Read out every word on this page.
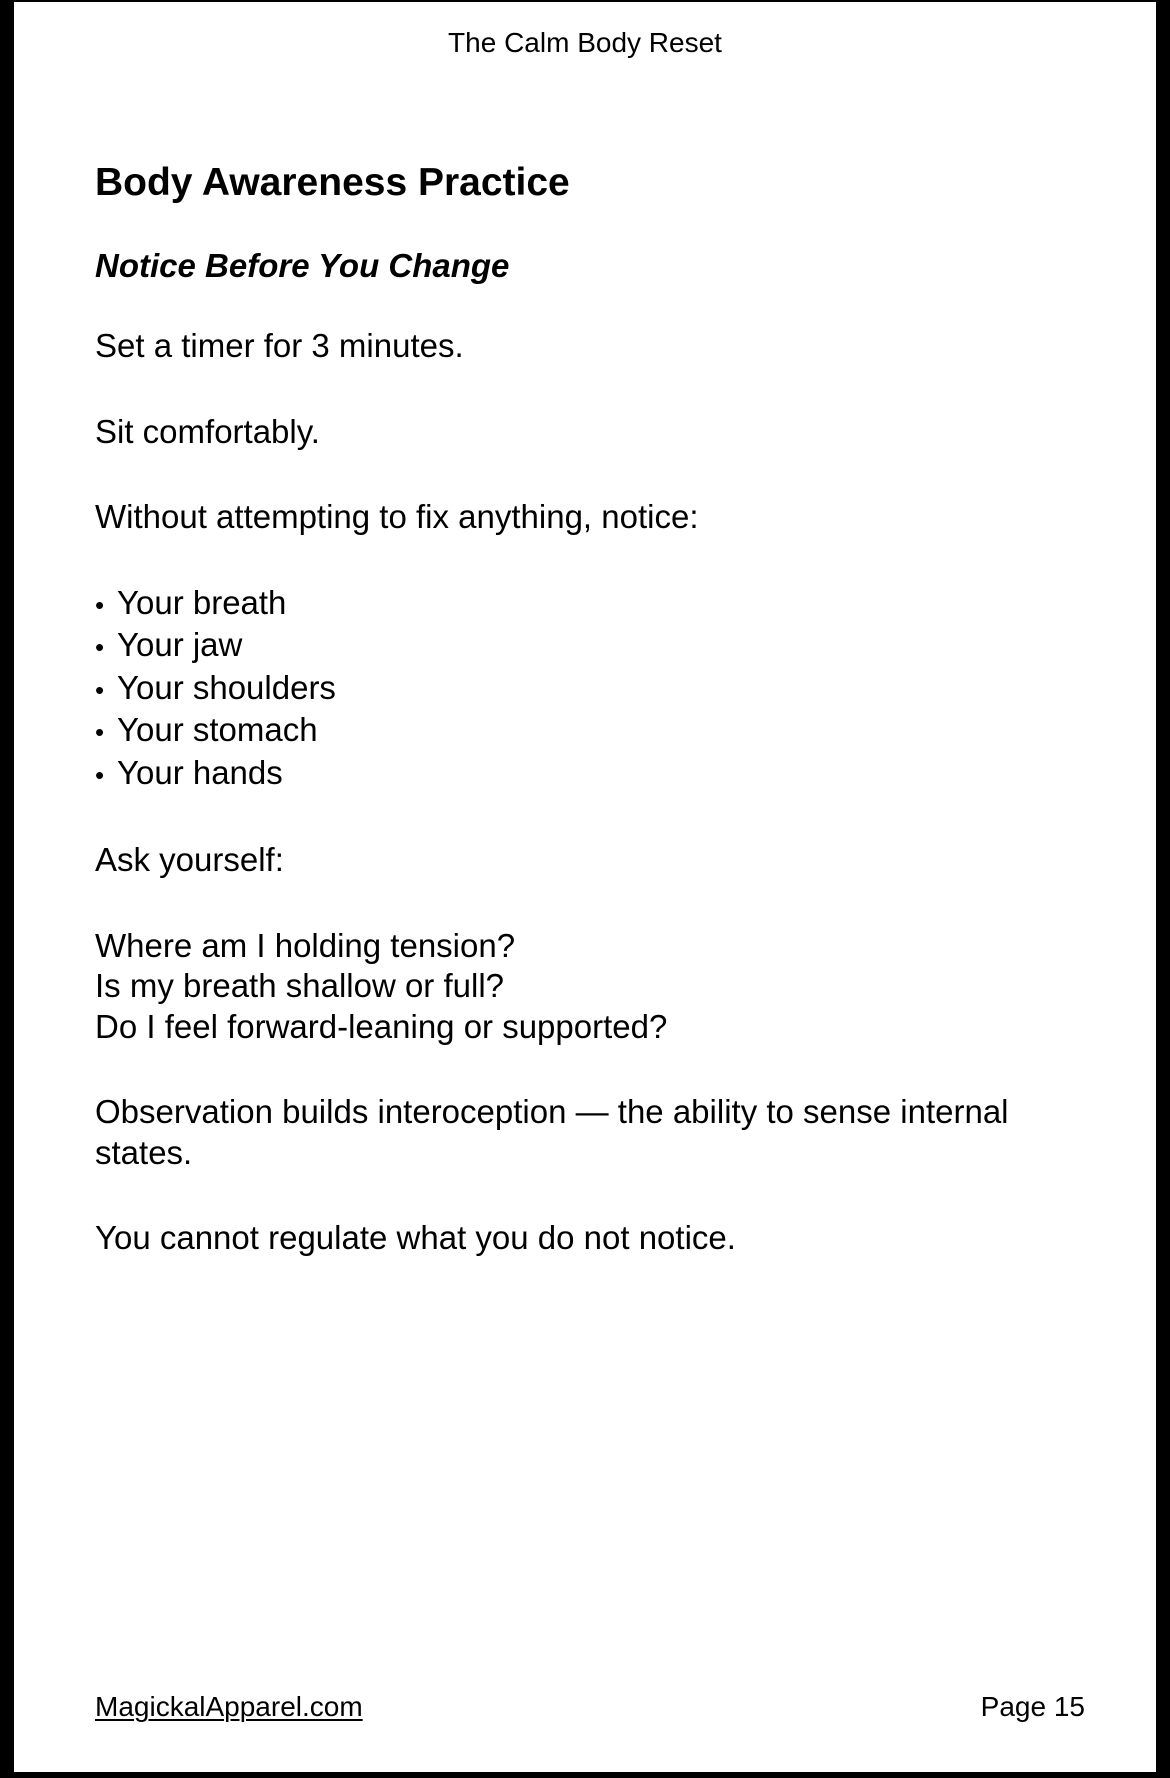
The Calm Body Reset
Body Awareness Practice
Notice Before You Change

Set a timer for 3 minutes.

Sit comfortably.

Without attempting to fix anything, notice:

• Your breath
• Your jaw
• Your shoulders
• Your stomach
• Your hands

Ask yourself:

Where am I holding tension?

Is my breath shallow or full?

Do I feel forward-leaning or supported?

Observation builds interoception — the ability to sense internal states.

You cannot regulate what you do not notice.

MagickalApparel.com	Page 15
